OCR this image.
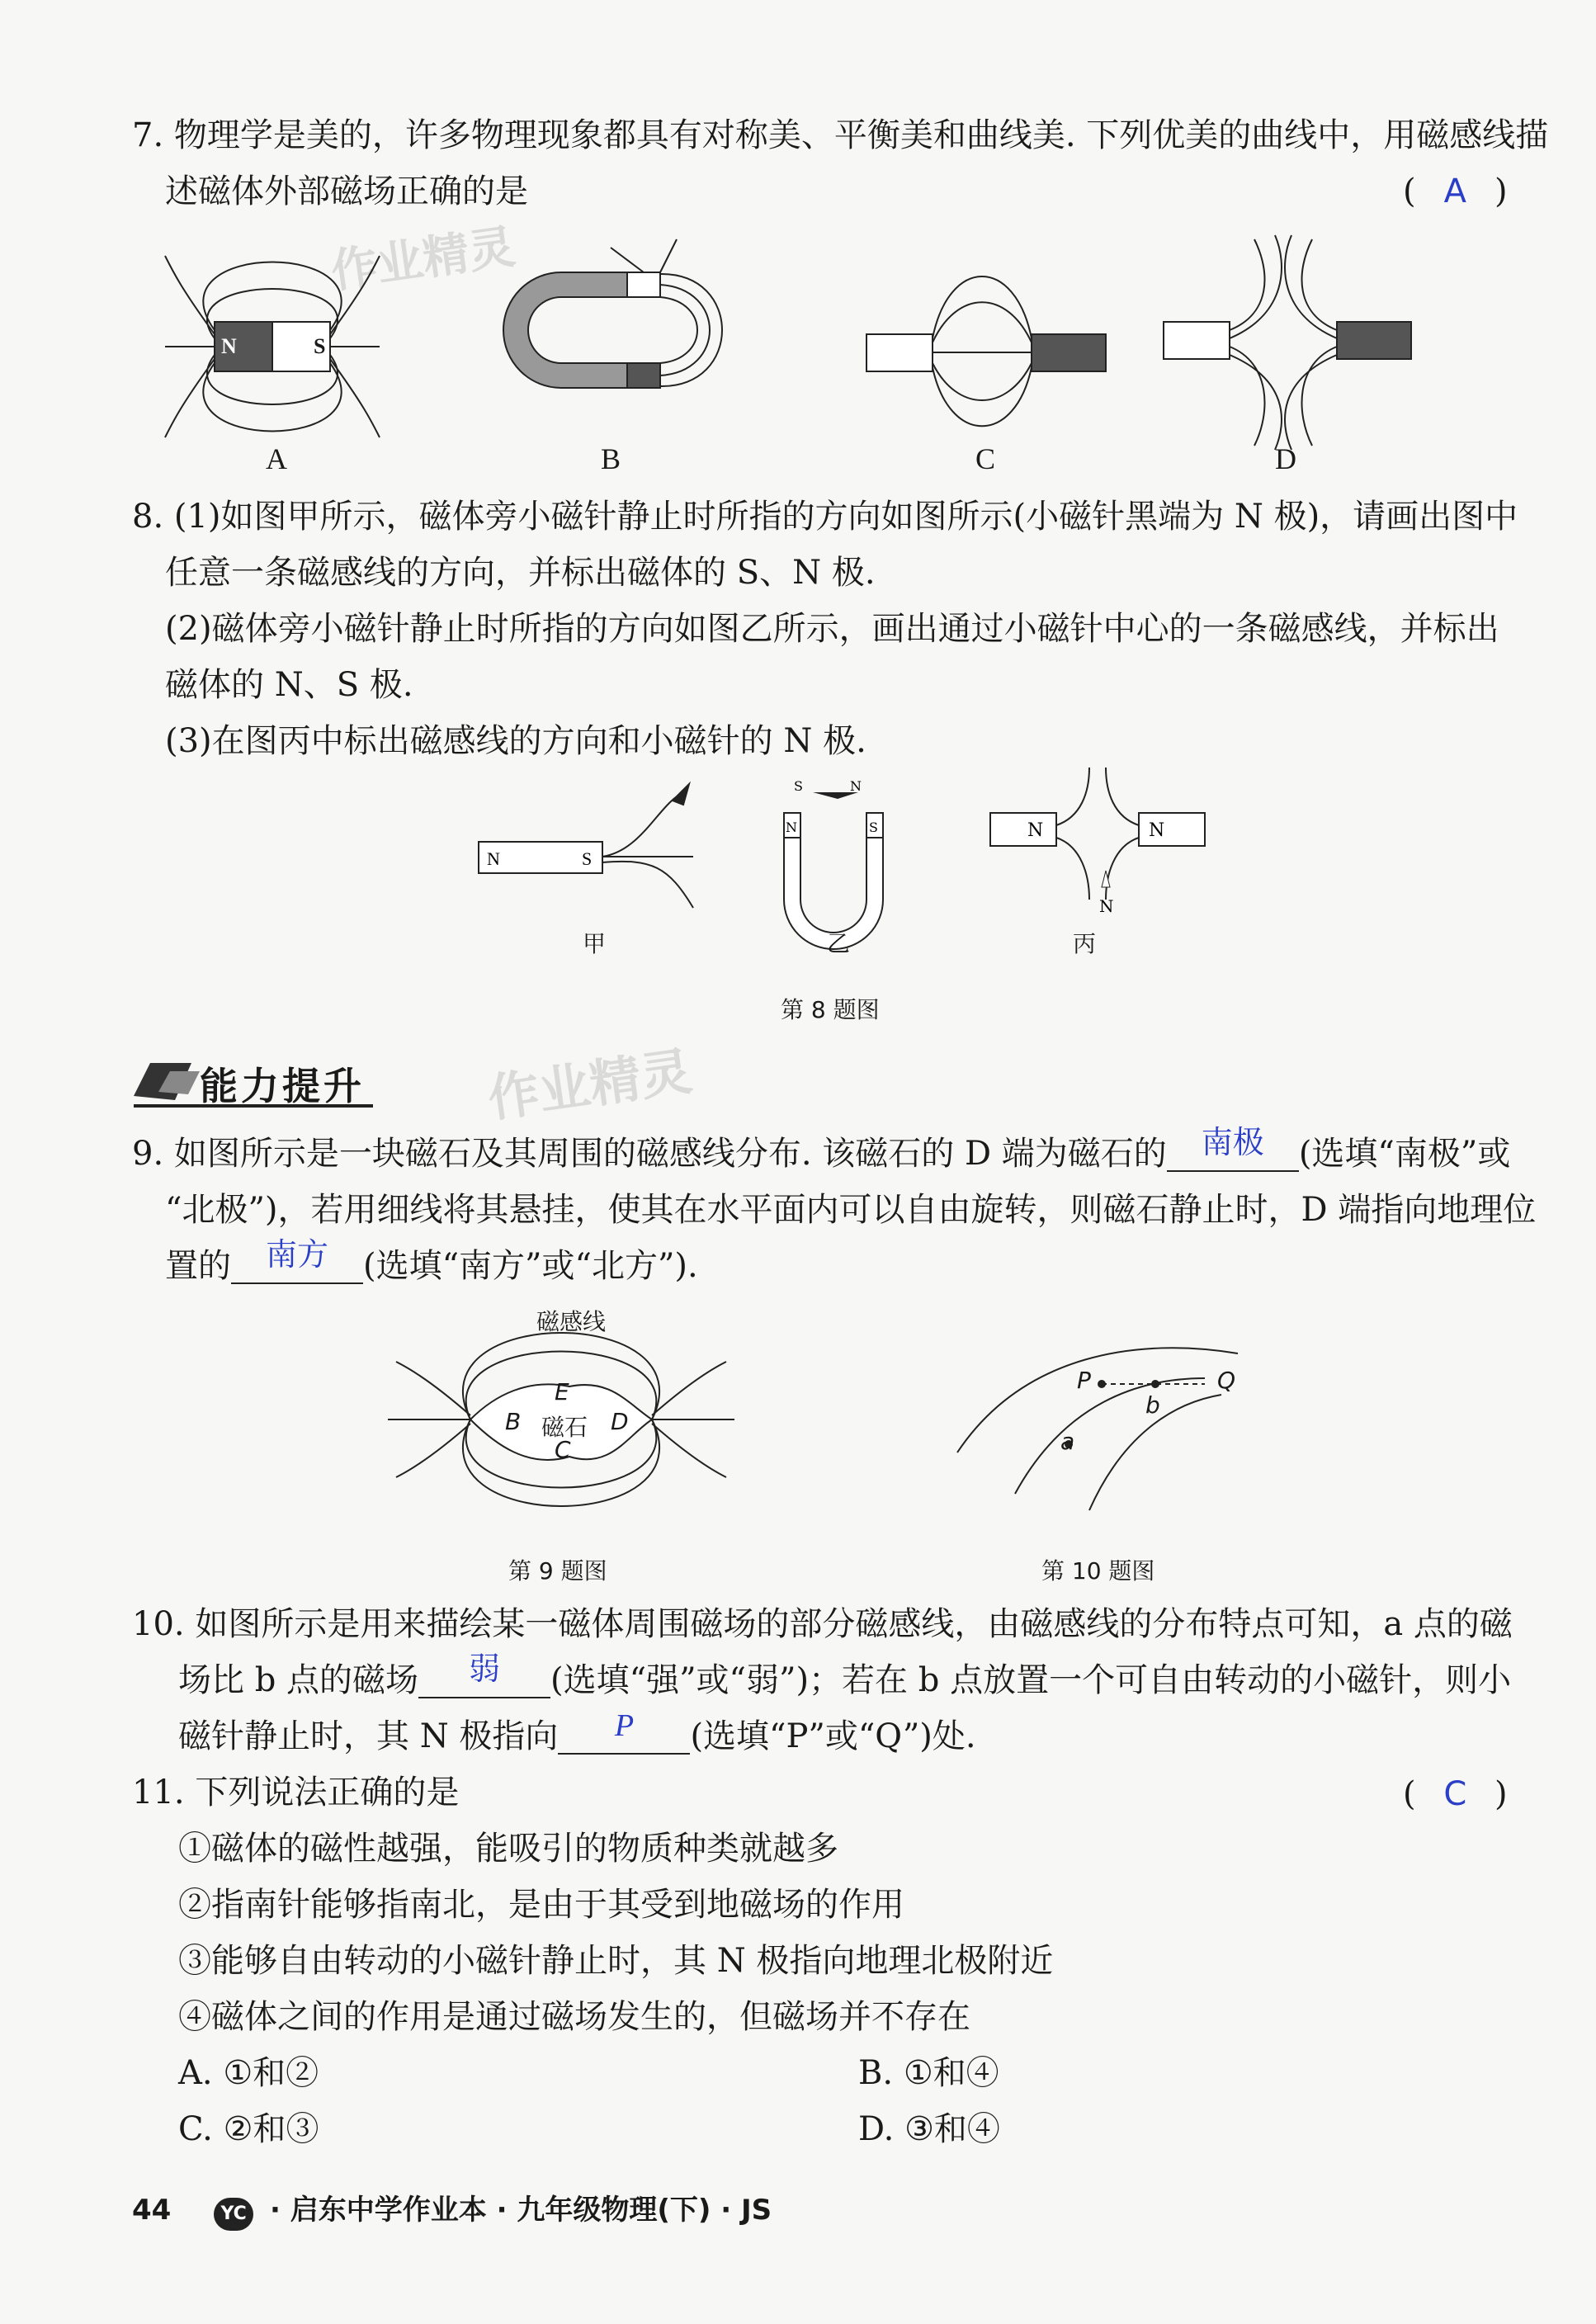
作业精灵
作业精灵
7. 物理学是美的，许多物理现象都具有对称美、平衡美和曲线美. 下列优美的曲线中，用磁感线描
述磁体外部磁场正确的是	( A )
N	S
A	B	C	D
8. (1)如图甲所示，磁体旁小磁针静止时所指的方向如图所示(小磁针黑端为 N 极)，请画出图中
任意一条磁感线的方向，并标出磁体的 S、N 极.
(2)磁体旁小磁针静止时所指的方向如图乙所示，画出通过小磁针中心的一条磁感线，并标出
磁体的 N、S 极.
(3)在图丙中标出磁感线的方向和小磁针的 N 极.
N	S
S	N
N	S	N	N
N
甲	乙	丙
第 8 题图
能力提升
9. 如图所示是一块磁石及其周围的磁感线分布. 该磁石的 D 端为磁石的 南极 (选填“南极”或
“北极”)，若用细线将其悬挂，使其在水平面内可以自由旋转，则磁石静止时，D 端指向地理位
置的 南方 (选填“南方”或“北方”).
磁感线
E
B 磁石 D
C
P	Q
b
a
第 9 题图	第 10 题图
10. 如图所示是用来描绘某一磁体周围磁场的部分磁感线，由磁感线的分布特点可知，a 点的磁
场比 b 点的磁场 弱 (选填“强”或“弱”)；若在 b 点放置一个可自由转动的小磁针，则小
磁针静止时，其 N 极指向 P (选填“P”或“Q”)处.
11. 下列说法正确的是	( C )
①磁体的磁性越强，能吸引的物质种类就越多
②指南针能够指南北，是由于其受到地磁场的作用
③能够自由转动的小磁针静止时，其 N 极指向地理北极附近
④磁体之间的作用是通过磁场发生的，但磁场并不存在
A. ①和②	B. ①和④
C. ②和③	D. ③和④
44	YC · 启东中学作业本 · 九年级物理(下) · JS
